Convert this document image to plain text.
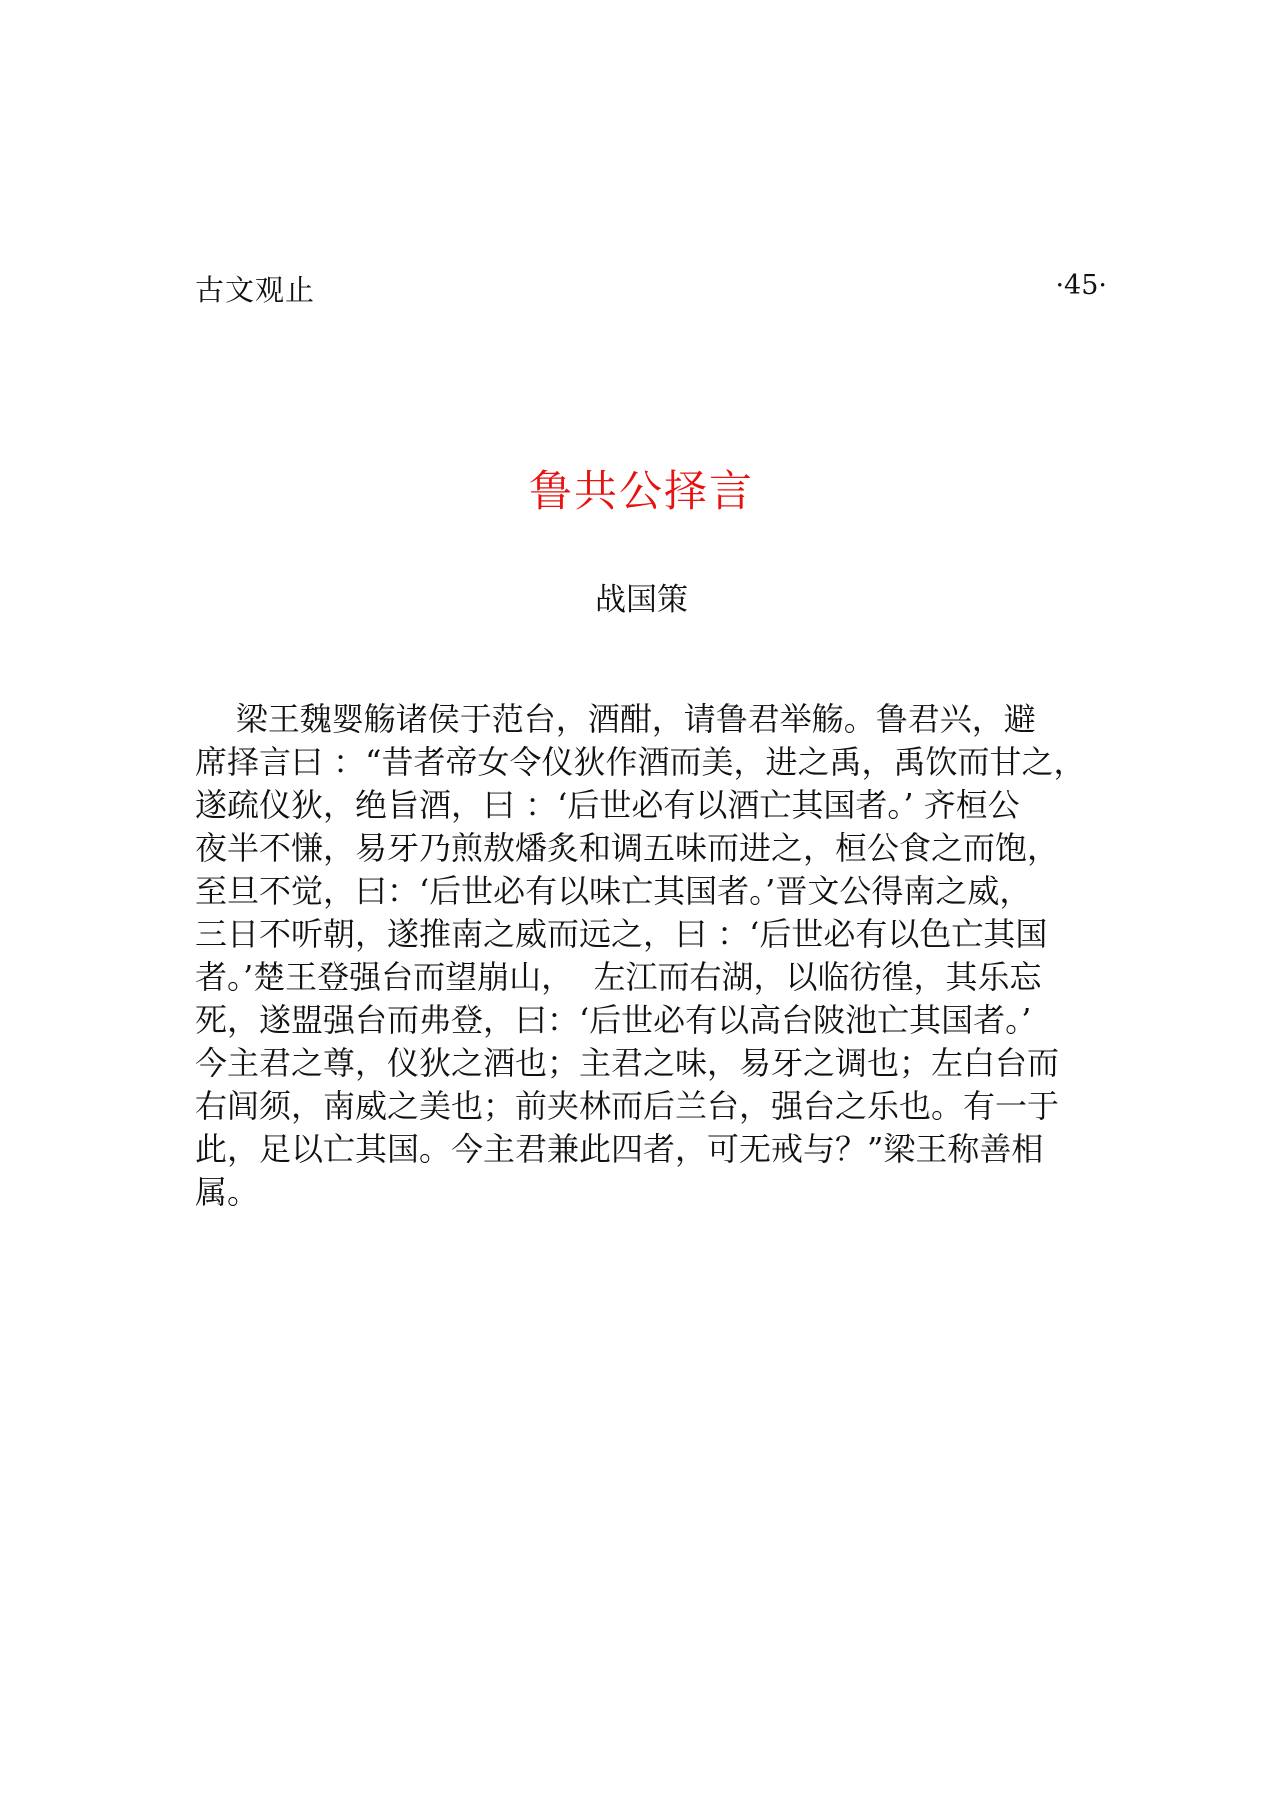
古文观止	·45·
鲁共公择言
战国策
梁王魏婴觞诸侯于范台，酒酣，请鲁君举觞。鲁君兴，避
席择言曰 ：“昔者帝女令仪狄作酒而美，进之禹，禹饮而甘之，
遂疏仪狄，绝旨酒，曰 ：‘后世必有以酒亡其国者。’ 齐桓公
夜半不慊，易牙乃煎敖燔炙和调五味而进之，桓公食之而饱，
至旦不觉，曰：‘后世必有以味亡其国者。’晋文公得南之威，
三日不听朝，遂推南之威而远之，曰 ：‘后世必有以色亡其国
者。’楚王登强台而望崩山，  左江而右湖，以临彷徨，其乐忘
死，遂盟强台而弗登，曰：‘后世必有以高台陂池亡其国者。’
今主君之尊，仪狄之酒也；主君之味，易牙之调也；左白台而
右闾须，南威之美也；前夹林而后兰台，强台之乐也。有一于
此，足以亡其国。今主君兼此四者，可无戒与？”梁王称善相
属。
